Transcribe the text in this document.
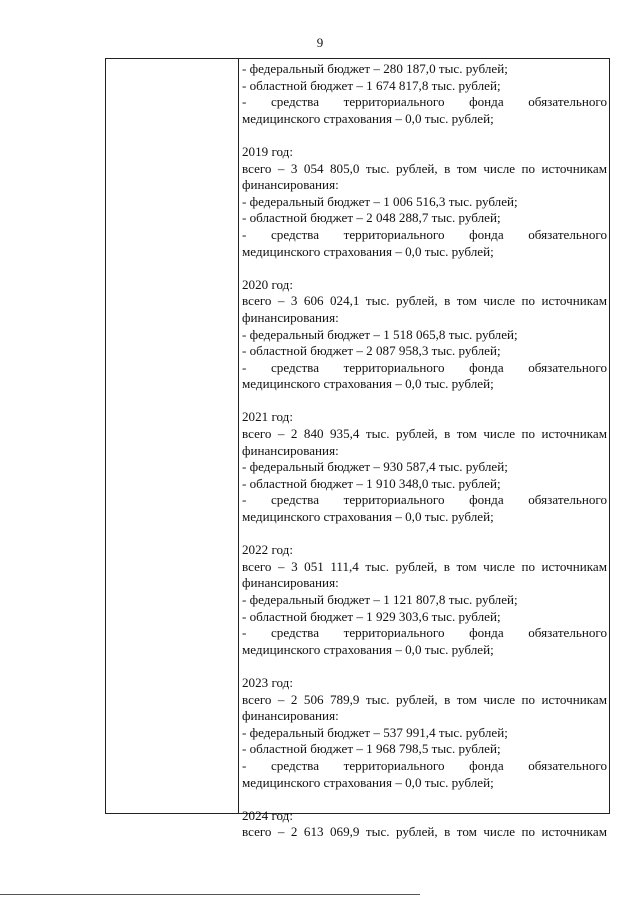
9
- федеральный бюджет – 280 187,0 тыс. рублей;
- областной бюджет – 1 674 817,8 тыс. рублей;
- средства территориального фонда обязательного
медицинского страхования – 0,0 тыс. рублей;
2019 год:
всего – 3 054 805,0 тыс. рублей, в том числе по источникам
финансирования:
- федеральный бюджет – 1 006 516,3 тыс. рублей;
- областной бюджет – 2 048 288,7 тыс. рублей;
- средства территориального фонда обязательного
медицинского страхования – 0,0 тыс. рублей;
2020 год:
всего – 3 606 024,1 тыс. рублей, в том числе по источникам
финансирования:
- федеральный бюджет – 1 518 065,8 тыс. рублей;
- областной бюджет – 2 087 958,3 тыс. рублей;
- средства территориального фонда обязательного
медицинского страхования – 0,0 тыс. рублей;
2021 год:
всего – 2 840 935,4 тыс. рублей, в том числе по источникам
финансирования:
- федеральный бюджет – 930 587,4 тыс. рублей;
- областной бюджет – 1 910 348,0 тыс. рублей;
- средства территориального фонда обязательного
медицинского страхования – 0,0 тыс. рублей;
2022 год:
всего – 3 051 111,4 тыс. рублей, в том числе по источникам
финансирования:
- федеральный бюджет – 1 121 807,8 тыс. рублей;
- областной бюджет – 1 929 303,6 тыс. рублей;
- средства территориального фонда обязательного
медицинского страхования – 0,0 тыс. рублей;
2023 год:
всего – 2 506 789,9 тыс. рублей, в том числе по источникам
финансирования:
- федеральный бюджет – 537 991,4 тыс. рублей;
- областной бюджет – 1 968 798,5 тыс. рублей;
- средства территориального фонда обязательного
медицинского страхования – 0,0 тыс. рублей;
2024 год:
всего – 2 613 069,9 тыс. рублей, в том числе по источникам
